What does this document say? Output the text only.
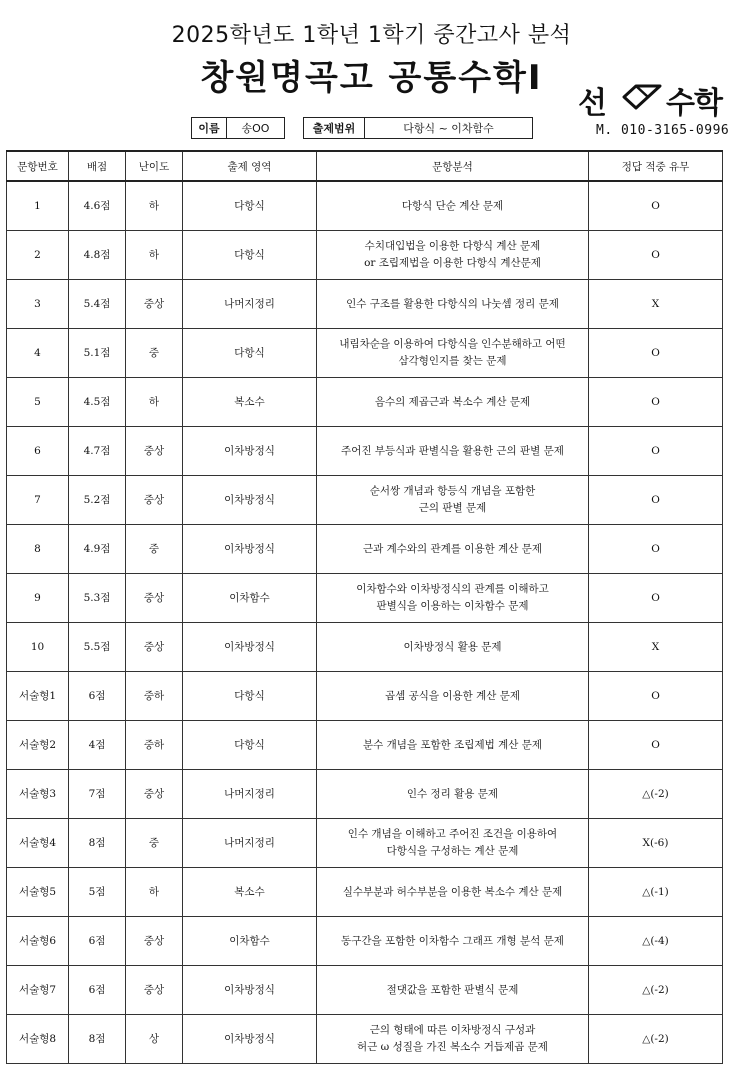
2025학년도 1학년 1학기 중간고사 분석
창원명곡고 공통수학Ⅰ
이름	송OO	출제범위	다항식 ~ 이차함수
선 수학
M. 010-3165-0996
문항번호	배점	난이도	출제 영역	문항분석	정답 적중 유무
1	4.6점	하	다항식	다항식 단순 계산 문제	O
2	4.8점	하	다항식	수치대입법을 이용한 다항식 계산 문제
or 조립제법을 이용한 다항식 계산문제	O
3	5.4점	중상	나머지정리	인수 구조를 활용한 다항식의 나눗셈 정리 문제	X
4	5.1점	중	다항식	내림차순을 이용하여 다항식을 인수분해하고 어떤
삼각형인지를 찾는 문제	O
5	4.5점	하	복소수	음수의 제곱근과 복소수 계산 문제	O
6	4.7점	중상	이차방정식	주어진 부등식과 판별식을 활용한 근의 판별 문제	O
7	5.2점	중상	이차방정식	순서쌍 개념과 항등식 개념을 포함한
근의 판별 문제	O
8	4.9점	중	이차방정식	근과 계수와의 관계를 이용한 계산 문제	O
9	5.3점	중상	이차함수	이차함수와 이차방정식의 관계를 이해하고
판별식을 이용하는 이차함수 문제	O
10	5.5점	중상	이차방정식	이차방정식 활용 문제	X
서술형1	6점	중하	다항식	곱셈 공식을 이용한 계산 문제	O
서술형2	4점	중하	다항식	분수 개념을 포함한 조립제법 계산 문제	O
서술형3	7점	중상	나머지정리	인수 정리 활용 문제	△(-2)
서술형4	8점	중	나머지정리	인수 개념을 이해하고 주어진 조건을 이용하여
다항식을 구성하는 계산 문제	X(-6)
서술형5	5점	하	복소수	실수부분과 허수부분을 이용한 복소수 계산 문제	△(-1)
서술형6	6점	중상	이차함수	동구간을 포함한 이차함수 그래프 개형 분석 문제	△(-4)
서술형7	6점	중상	이차방정식	절댓값을 포함한 판별식 문제	△(-2)
서술형8	8점	상	이차방정식	근의 형태에 따른 이차방정식 구성과
허근 ω 성질을 가진 복소수 거듭제곱 문제	△(-2)
